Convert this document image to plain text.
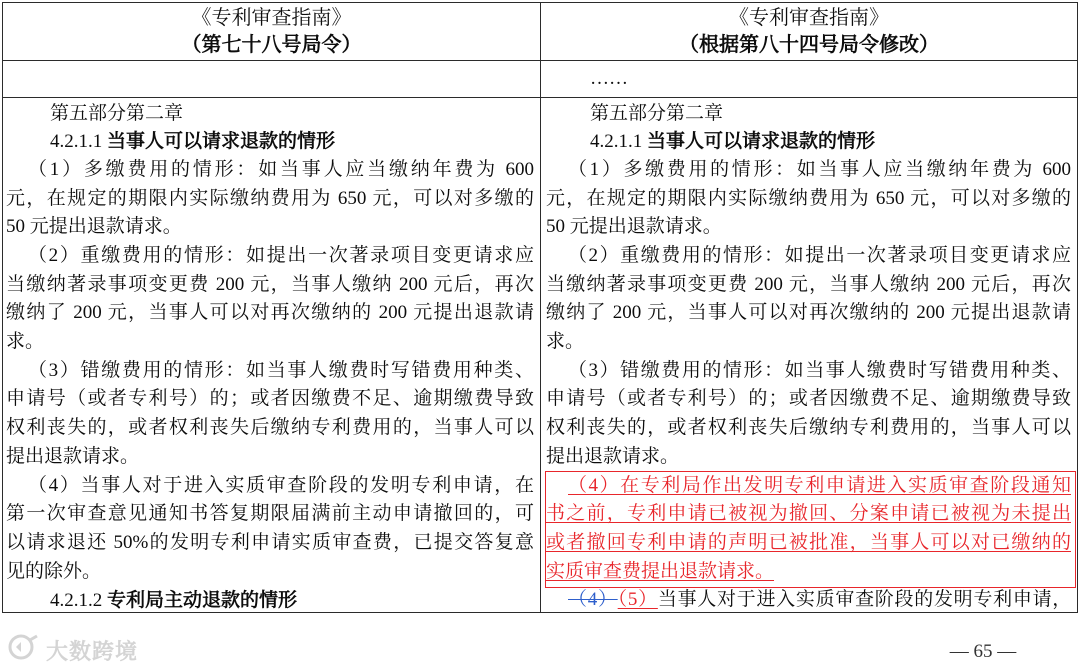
《专利审查指南》
（第七十八号局令）
《专利审查指南》
（根据第八十四号局令修改）
……
第五部分第二章
4.2.1.1 当事人可以请求退款的情形
（1）多缴费用的情形：如当事人应当缴纳年费为 600
元，在规定的期限内实际缴纳费用为 650 元，可以对多缴的
50 元提出退款请求。
（2）重缴费用的情形：如提出一次著录项目变更请求应
当缴纳著录事项变更费 200 元，当事人缴纳 200 元后，再次
缴纳了 200 元，当事人可以对再次缴纳的 200 元提出退款请
求。
（3）错缴费用的情形：如当事人缴费时写错费用种类、
申请号（或者专利号）的；或者因缴费不足、逾期缴费导致
权利丧失的，或者权利丧失后缴纳专利费用的，当事人可以
提出退款请求。
（4）当事人对于进入实质审查阶段的发明专利申请，在
第一次审查意见通知书答复期限届满前主动申请撤回的，可
以请求退还 50%的发明专利申请实质审查费，已提交答复意
见的除外。
4.2.1.2 专利局主动退款的情形
第五部分第二章
4.2.1.1 当事人可以请求退款的情形
（1）多缴费用的情形：如当事人应当缴纳年费为 600
元，在规定的期限内实际缴纳费用为 650 元，可以对多缴的
50 元提出退款请求。
（2）重缴费用的情形：如提出一次著录项目变更请求应
当缴纳著录事项变更费 200 元，当事人缴纳 200 元后，再次
缴纳了 200 元，当事人可以对再次缴纳的 200 元提出退款请
求。
（3）错缴费用的情形：如当事人缴费时写错费用种类、
申请号（或者专利号）的；或者因缴费不足、逾期缴费导致
权利丧失的，或者权利丧失后缴纳专利费用的，当事人可以
提出退款请求。
（4）在专利局作出发明专利申请进入实质审查阶段通知
书之前，专利申请已被视为撤回、分案申请已被视为未提出
或者撤回专利申请的声明已被批准，当事人可以对已缴纳的
实质审查费提出退款请求。
（4）（5）当事人对于进入实质审查阶段的发明专利申请，
大数跨境	— 65 —
